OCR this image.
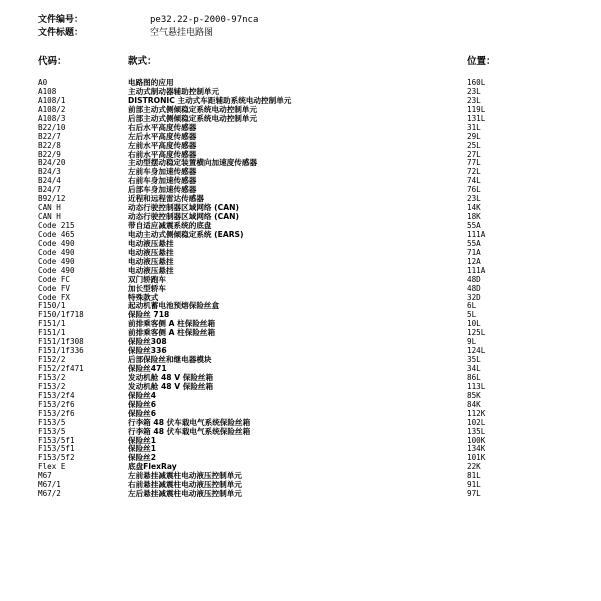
文件编号：	pe32.22-p-2000-97nca
文件标题：	空气悬挂电路图
代码：	款式：	位置：
A0	电路图的应用	160L
A108	主动式制动器辅助控制单元	23L
A108/1	DISTRONIC 主动式车距辅助系统电动控制单元	23L
A108/2	前部主动式侧倾稳定系统电动控制单元	119L
A108/3	后部主动式侧倾稳定系统电动控制单元	131L
B22/10	右后水平高度传感器	31L
B22/7	左后水平高度传感器	29L
B22/8	左前水平高度传感器	25L
B22/9	右前水平高度传感器	27L
B24/20	主动型摆动稳定装置横向加速度传感器	77L
B24/3	左前车身加速传感器	72L
B24/4	右前车身加速传感器	74L
B24/7	后部车身加速传感器	76L
B92/12	近程和远程雷达传感器	23L
CAN H	动态行驶控制器区域网络 (CAN)	14K
CAN H	动态行驶控制器区域网络 (CAN)	18K
Code 215	带自适应减震系统的底盘	55A
Code 465	电动主动式侧倾稳定系统 (EARS)	111A
Code 490	电动液压悬挂	55A
Code 490	电动液压悬挂	71A
Code 490	电动液压悬挂	12A
Code 490	电动液压悬挂	111A
Code FC	双门轿跑车	48D
Code FV	加长型轿车	48D
Code FX	特殊款式	32D
F150/1	起动机蓄电池预熔保险丝盒	6L
F150/1f718	保险丝 718	5L
F151/1	前排乘客侧 A 柱保险丝箱	10L
F151/1	前排乘客侧 A 柱保险丝箱	125L
F151/1f308	保险丝308	9L
F151/1f336	保险丝336	124L
F152/2	后部保险丝和继电器模块	35L
F152/2f471	保险丝471	34L
F153/2	发动机舱 48 V 保险丝箱	86L
F153/2	发动机舱 48 V 保险丝箱	113L
F153/2f4	保险丝4	85K
F153/2f6	保险丝6	84K
F153/2f6	保险丝6	112K
F153/5	行李箱 48 伏车载电气系统保险丝箱	102L
F153/5	行李箱 48 伏车载电气系统保险丝箱	135L
F153/5f1	保险丝1	100K
F153/5f1	保险丝1	134K
F153/5f2	保险丝2	101K
Flex E	底盘FlexRay	22K
M67	左前悬挂减震柱电动液压控制单元	81L
M67/1	右前悬挂减震柱电动液压控制单元	91L
M67/2	左后悬挂减震柱电动液压控制单元	97L
